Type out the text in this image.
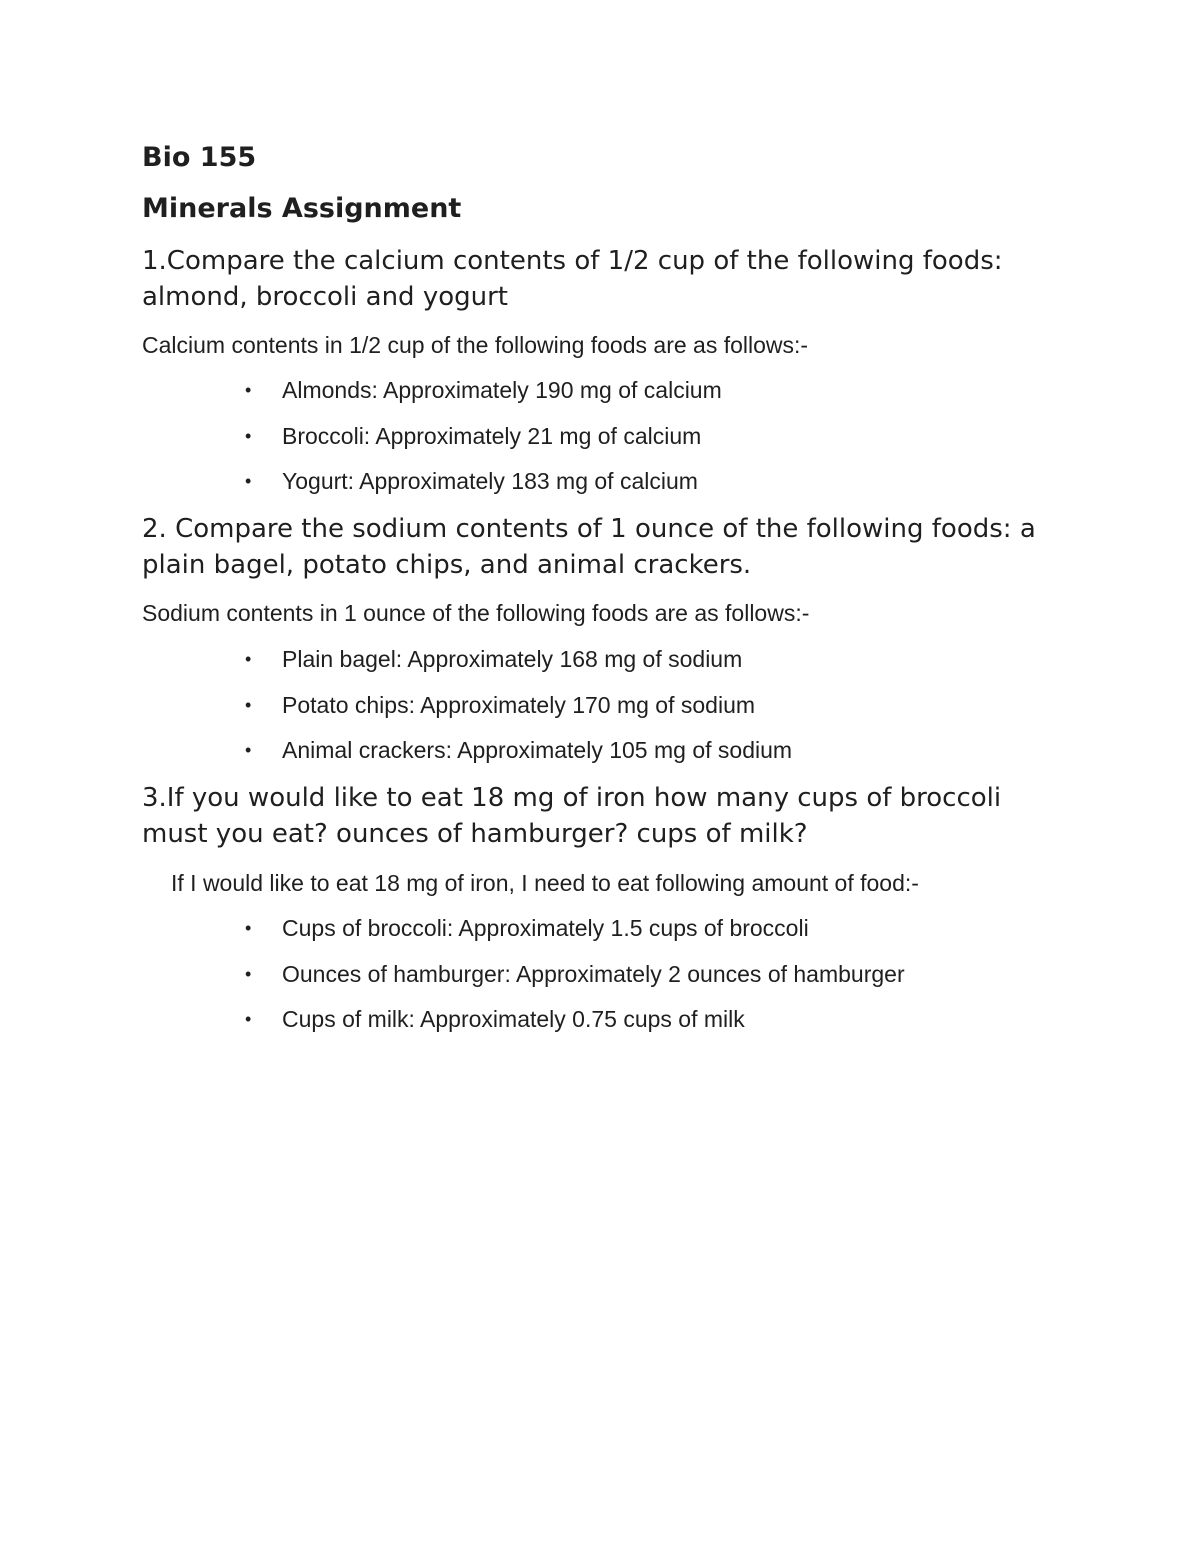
Bio 155
Minerals Assignment

1.Compare the calcium contents of 1/2 cup of the following foods: almond, broccoli and yogurt

Calcium contents in 1/2 cup of the following foods are as follows:-

•	Almonds: Approximately 190 mg of calcium
•	Broccoli: Approximately 21 mg of calcium
•	Yogurt: Approximately 183 mg of calcium

2. Compare the sodium contents of 1 ounce of the following foods: a plain bagel, potato chips, and animal crackers.

Sodium contents in 1 ounce of the following foods are as follows:-

•	Plain bagel: Approximately 168 mg of sodium
•	Potato chips: Approximately 170 mg of sodium
•	Animal crackers: Approximately 105 mg of sodium

3.If you would like to eat 18 mg of iron how many cups of broccoli must you eat? ounces of hamburger? cups of milk?

If I would like to eat 18 mg of iron, I need to eat following amount of food:-

•	Cups of broccoli: Approximately 1.5 cups of broccoli
•	Ounces of hamburger: Approximately 2 ounces of hamburger
•	Cups of milk: Approximately 0.75 cups of milk
